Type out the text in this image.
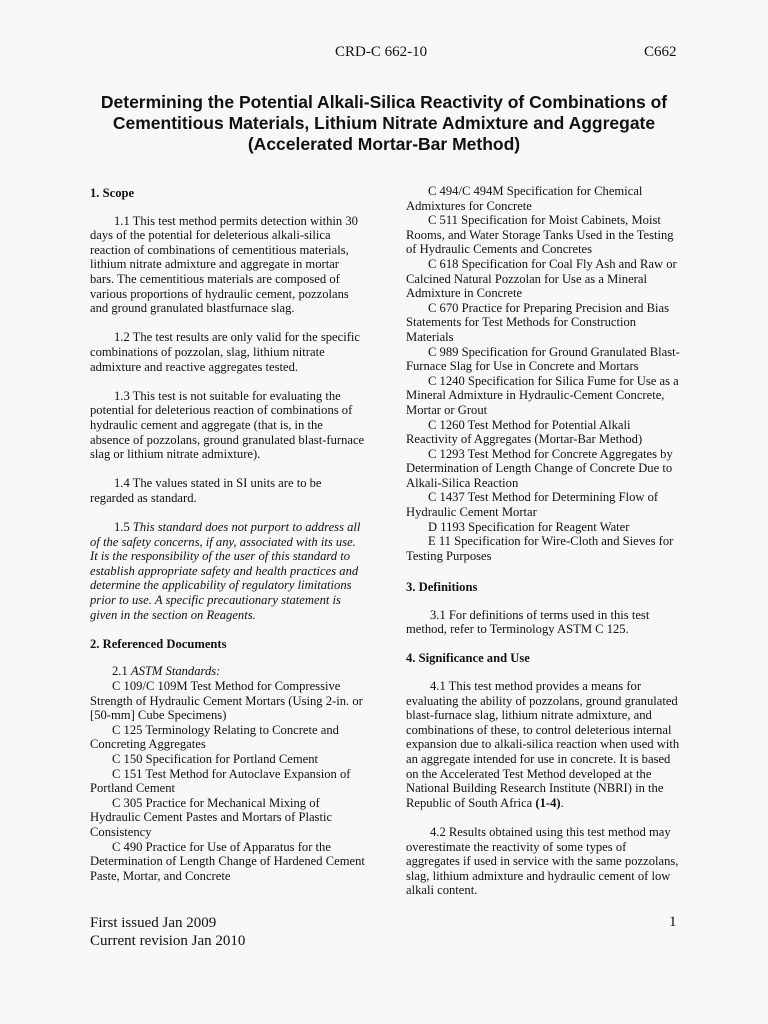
CRD-C 662-10	C662
Determining the Potential Alkali-Silica Reactivity of Combinations of Cementitious Materials, Lithium Nitrate Admixture and Aggregate (Accelerated Mortar-Bar Method)

1. Scope

1.1 This test method permits detection within 30 days of the potential for deleterious alkali-silica reaction of combinations of cementitious materials, lithium nitrate admixture and aggregate in mortar bars. The cementitious materials are composed of various proportions of hydraulic cement, pozzolans and ground granulated blastfurnace slag.

1.2 The test results are only valid for the specific combinations of pozzolan, slag, lithium nitrate admixture and reactive aggregates tested.

1.3 This test is not suitable for evaluating the potential for deleterious reaction of combinations of hydraulic cement and aggregate (that is, in the absence of pozzolans, ground granulated blast-furnace slag or lithium nitrate admixture).

1.4 The values stated in SI units are to be regarded as standard.

1.5 This standard does not purport to address all of the safety concerns, if any, associated with its use. It is the responsibility of the user of this standard to establish appropriate safety and health practices and determine the applicability of regulatory limitations prior to use. A specific precautionary statement is given in the section on Reagents.

2. Referenced Documents

2.1 ASTM Standards:

C 109/C 109M Test Method for Compressive Strength of Hydraulic Cement Mortars (Using 2-in. or [50-mm] Cube Specimens)

C 125 Terminology Relating to Concrete and Concreting Aggregates

C 150 Specification for Portland Cement

C 151 Test Method for Autoclave Expansion of Portland Cement

C 305 Practice for Mechanical Mixing of Hydraulic Cement Pastes and Mortars of Plastic Consistency

C 490 Practice for Use of Apparatus for the Determination of Length Change of Hardened Cement Paste, Mortar, and Concrete

C 494/C 494M Specification for Chemical Admixtures for Concrete

C 511 Specification for Moist Cabinets, Moist Rooms, and Water Storage Tanks Used in the Testing of Hydraulic Cements and Concretes

C 618 Specification for Coal Fly Ash and Raw or Calcined Natural Pozzolan for Use as a Mineral Admixture in Concrete

C 670 Practice for Preparing Precision and Bias Statements for Test Methods for Construction Materials

C 989 Specification for Ground Granulated Blast-Furnace Slag for Use in Concrete and Mortars

C 1240 Specification for Silica Fume for Use as a Mineral Admixture in Hydraulic-Cement Concrete, Mortar or Grout

C 1260 Test Method for Potential Alkali Reactivity of Aggregates (Mortar-Bar Method)

C 1293 Test Method for Concrete Aggregates by Determination of Length Change of Concrete Due to Alkali-Silica Reaction

C 1437 Test Method for Determining Flow of Hydraulic Cement Mortar

D 1193 Specification for Reagent Water

E 11 Specification for Wire-Cloth and Sieves for Testing Purposes

3. Definitions

3.1 For definitions of terms used in this test method, refer to Terminology ASTM C 125.

4. Significance and Use

4.1 This test method provides a means for evaluating the ability of pozzolans, ground granulated blast-furnace slag, lithium nitrate admixture, and combinations of these, to control deleterious internal expansion due to alkali-silica reaction when used with an aggregate intended for use in concrete. It is based on the Accelerated Test Method developed at the National Building Research Institute (NBRI) in the Republic of South Africa (1-4).

4.2 Results obtained using this test method may overestimate the reactivity of some types of aggregates if used in service with the same pozzolans, slag, lithium admixture and hydraulic cement of low alkali content.

First issued Jan 2009
Current revision Jan 2010
1
